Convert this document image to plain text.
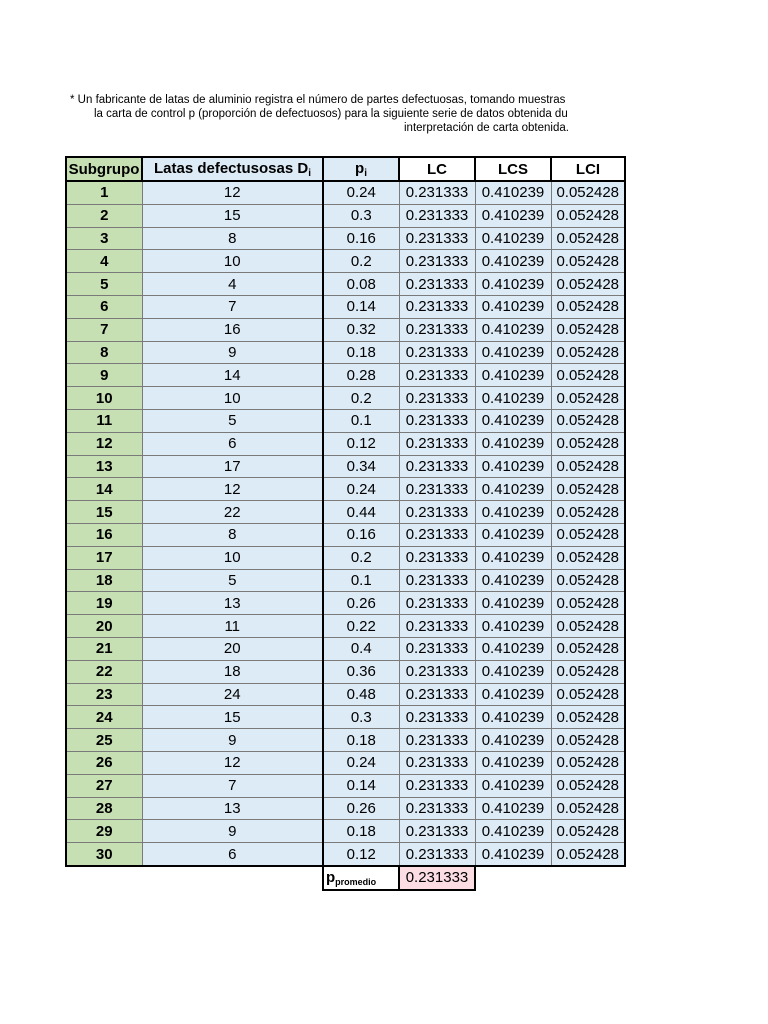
* Un fabricante de latas de aluminio registra el número de partes defectuosas, tomando muestras
la carta de control p (proporción de defectuosos) para la siguiente serie de datos obtenida du
interpretación de carta obtenida.
Subgrupo	Latas defectusosas $D_i$	$p_i$	LC	LCS	LCI
1	12	0.24	0.231333	0.410239	0.052428
2	15	0.3	0.231333	0.410239	0.052428
3	8	0.16	0.231333	0.410239	0.052428
4	10	0.2	0.231333	0.410239	0.052428
5	4	0.08	0.231333	0.410239	0.052428
6	7	0.14	0.231333	0.410239	0.052428
7	16	0.32	0.231333	0.410239	0.052428
8	9	0.18	0.231333	0.410239	0.052428
9	14	0.28	0.231333	0.410239	0.052428
10	10	0.2	0.231333	0.410239	0.052428
11	5	0.1	0.231333	0.410239	0.052428
12	6	0.12	0.231333	0.410239	0.052428
13	17	0.34	0.231333	0.410239	0.052428
14	12	0.24	0.231333	0.410239	0.052428
15	22	0.44	0.231333	0.410239	0.052428
16	8	0.16	0.231333	0.410239	0.052428
17	10	0.2	0.231333	0.410239	0.052428
18	5	0.1	0.231333	0.410239	0.052428
19	13	0.26	0.231333	0.410239	0.052428
20	11	0.22	0.231333	0.410239	0.052428
21	20	0.4	0.231333	0.410239	0.052428
22	18	0.36	0.231333	0.410239	0.052428
23	24	0.48	0.231333	0.410239	0.052428
24	15	0.3	0.231333	0.410239	0.052428
25	9	0.18	0.231333	0.410239	0.052428
26	12	0.24	0.231333	0.410239	0.052428
27	7	0.14	0.231333	0.410239	0.052428
28	13	0.26	0.231333	0.410239	0.052428
29	9	0.18	0.231333	0.410239	0.052428
30	6	0.12	0.231333	0.410239	0.052428
		$p_{promedio}$	0.231333		
